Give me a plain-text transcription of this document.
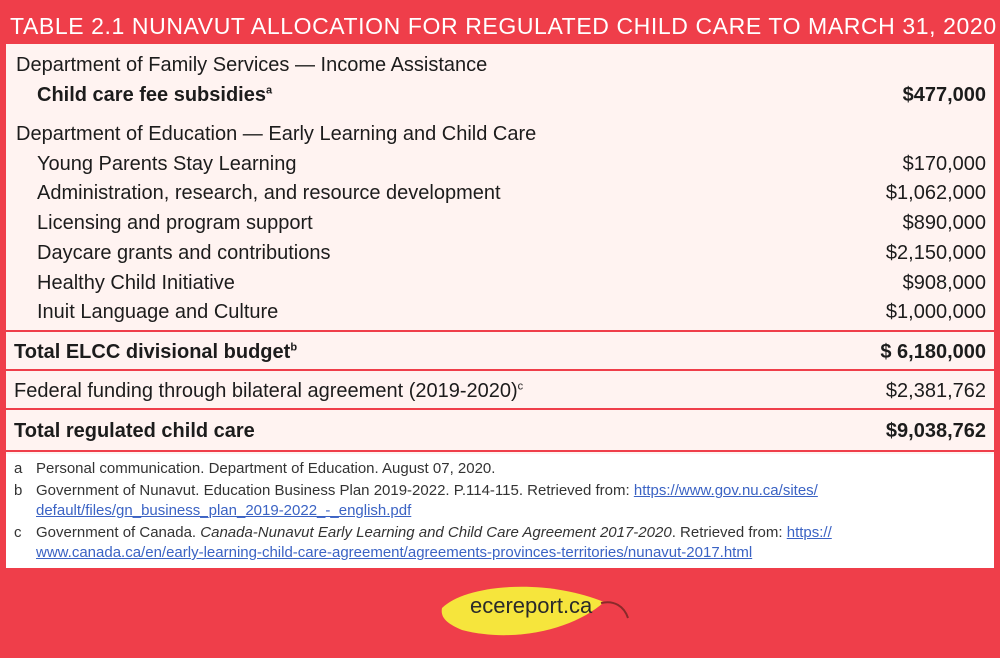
TABLE 2.1 NUNAVUT ALLOCATION FOR REGULATED CHILD CARE TO MARCH 31, 2020
Department of Family Services — Income Assistance
Child care fee subsidies$^a$	$477,000
Department of Education — Early Learning and Child Care
Young Parents Stay Learning	$170,000
Administration, research, and resource development	$1,062,000
Licensing and program support	$890,000
Daycare grants and contributions	$2,150,000
Healthy Child Initiative	$908,000
Inuit Language and Culture	$1,000,000
Total ELCC divisional budget$^b$	$ 6,180,000
Federal funding through bilateral agreement (2019-2020)$^c$	$2,381,762
Total regulated child care	$9,038,762
a Personal communication. Department of Education. August 07, 2020.
b Government of Nunavut. Education Business Plan 2019-2022. P.114-115. Retrieved from: https://www.gov.nu.ca/sites/
default/files/gn_business_plan_2019-2022_-_english.pdf
c Government of Canada. Canada-Nunavut Early Learning and Child Care Agreement 2017-2020. Retrieved from: https://
www.canada.ca/en/early-learning-child-care-agreement/agreements-provinces-territories/nunavut-2017.html
ecereport.ca
